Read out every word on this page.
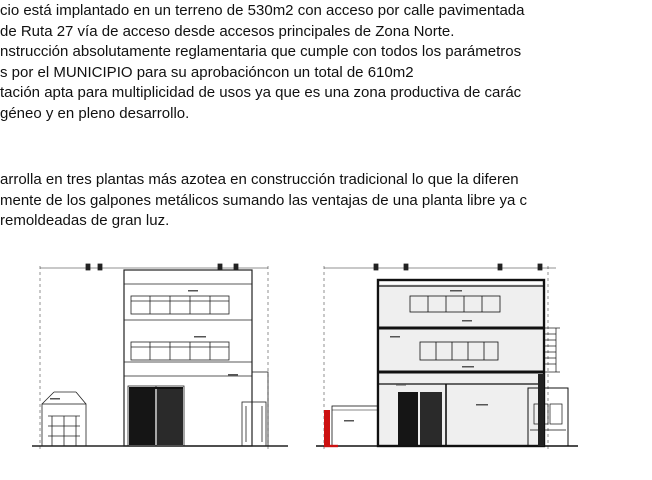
cio está implantado en un terreno de 530m2 con acceso por calle pavimentada
de Ruta 27 vía de acceso desde accesos principales de Zona Norte.
nstrucción absolutamente reglamentaria que cumple con todos los parámetros
s por el MUNICIPIO para su aprobacióncon un total de 610m2
tación apta para multiplicidad de usos ya que es una zona productiva de carác
géneo y en pleno desarrollo.

arrolla en tres plantas más azotea en construcción tradicional lo que la diferen
mente de los galpones metálicos sumando las ventajas de una planta libre ya c
remoldeadas de gran luz.
